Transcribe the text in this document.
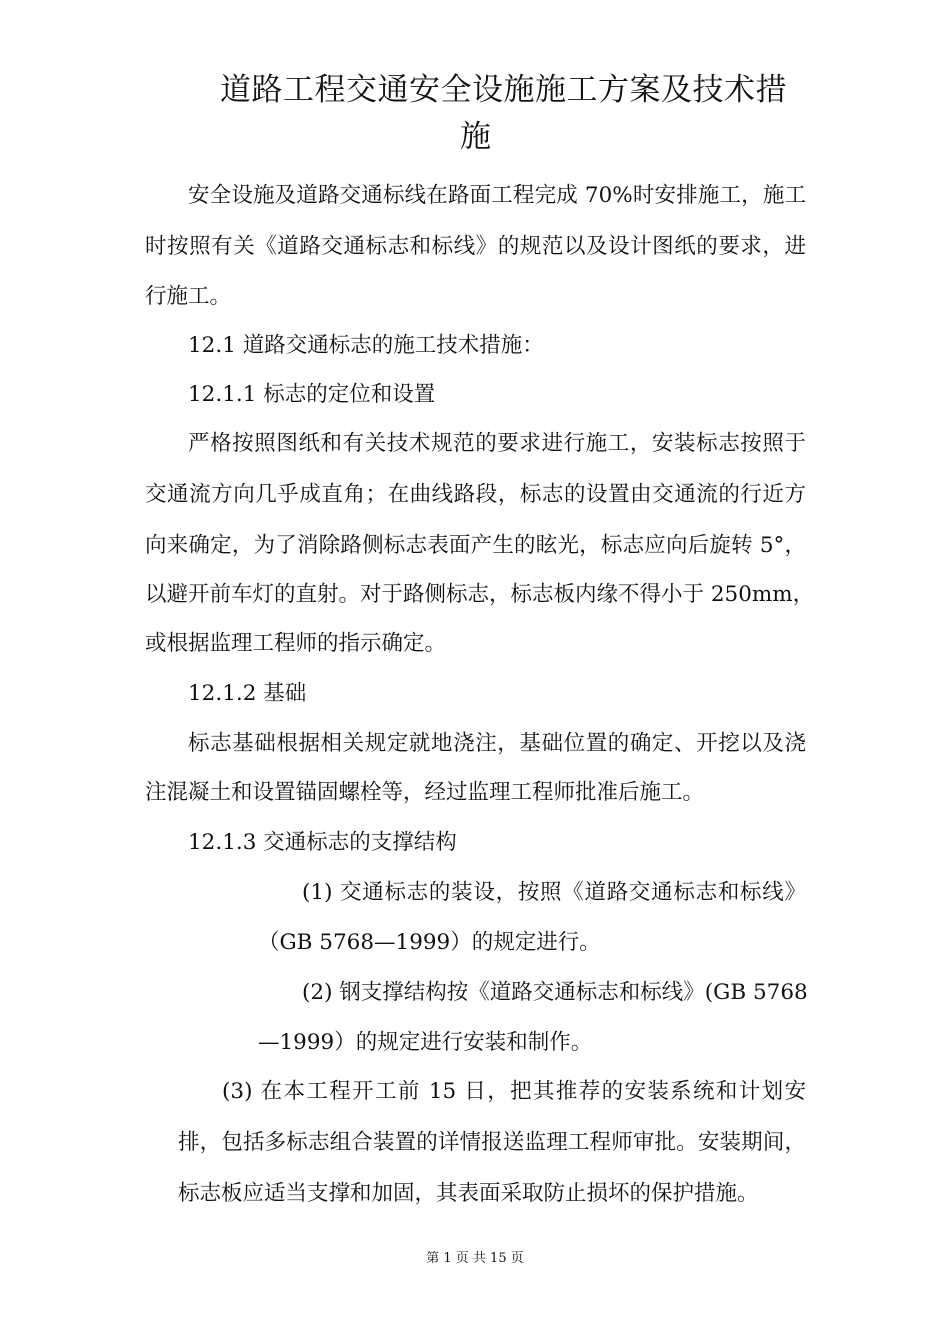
道路工程交通安全设施施工方案及技术措
施
安全设施及道路交通标线在路面工程完成 70%时安排施工，施工
时按照有关《道路交通标志和标线》的规范以及设计图纸的要求，进
行施工。
12.1 道路交通标志的施工技术措施：
12.1.1 标志的定位和设置
严格按照图纸和有关技术规范的要求进行施工，安装标志按照于
交通流方向几乎成直角；在曲线路段，标志的设置由交通流的行近方
向来确定，为了消除路侧标志表面产生的眩光，标志应向后旋转 5°，
以避开前车灯的直射。对于路侧标志，标志板内缘不得小于 250mm，
或根据监理工程师的指示确定。
12.1.2 基础
标志基础根据相关规定就地浇注，基础位置的确定、开挖以及浇
注混凝土和设置锚固螺栓等，经过监理工程师批准后施工。
12.1.3 交通标志的支撑结构
(1) 交通标志的装设，按照《道路交通标志和标线》
（GB 5768—1999）的规定进行。
(2) 钢支撑结构按《道路交通标志和标线》(GB 5768
—1999）的规定进行安装和制作。
(3) 在本工程开工前 15 日，把其推荐的安装系统和计划安
排，包括多标志组合装置的详情报送监理工程师审批。安装期间，
标志板应适当支撑和加固，其表面采取防止损坏的保护措施。
第 1 页 共 15 页
